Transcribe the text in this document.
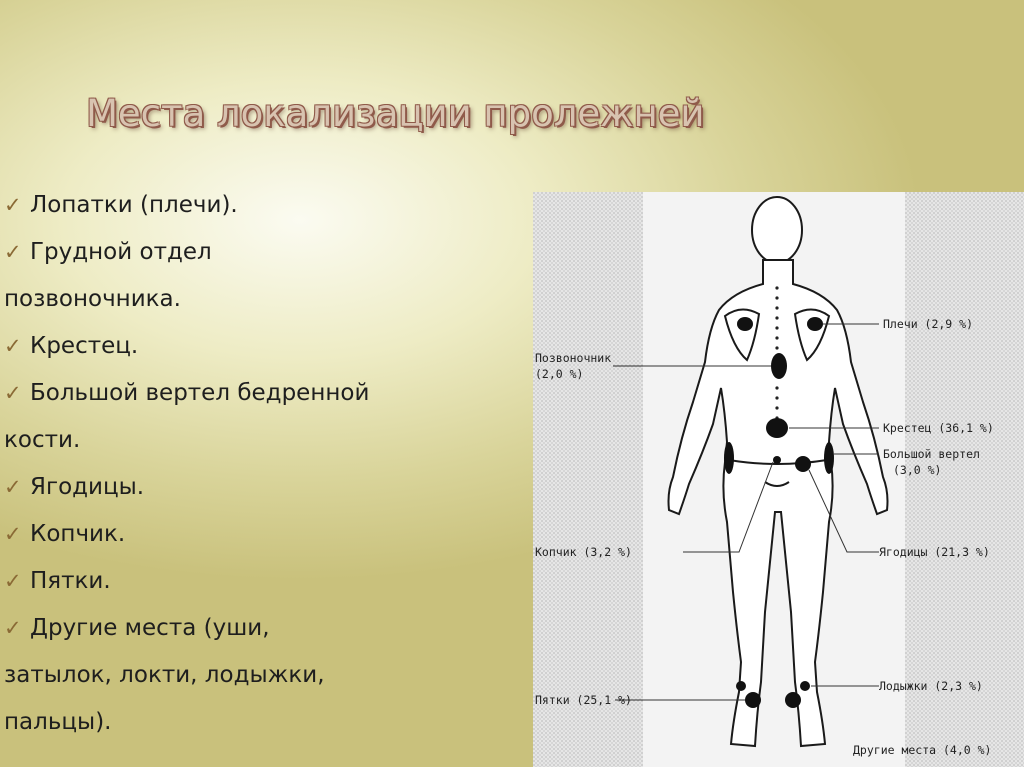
Места локализации пролежней
✓ Лопатки (плечи).
✓ Грудной отдел
позвоночника.
✓ Крестец.
✓ Большой вертел бедренной
кости.
✓ Ягодицы.
✓ Копчик.
✓ Пятки.
✓ Другие места (уши,
затылок, локти, лодыжки,
пальцы).
Плечи (2,9 %)
Позвоночник
(2,0 %)
Крестец (36,1 %)
Большой вертел
(3,0 %)
Копчик (3,2 %)	Ягодицы (21,3 %)
Лодыжки (2,3 %)
Пятки (25,1 %)
Другие места (4,0 %)
